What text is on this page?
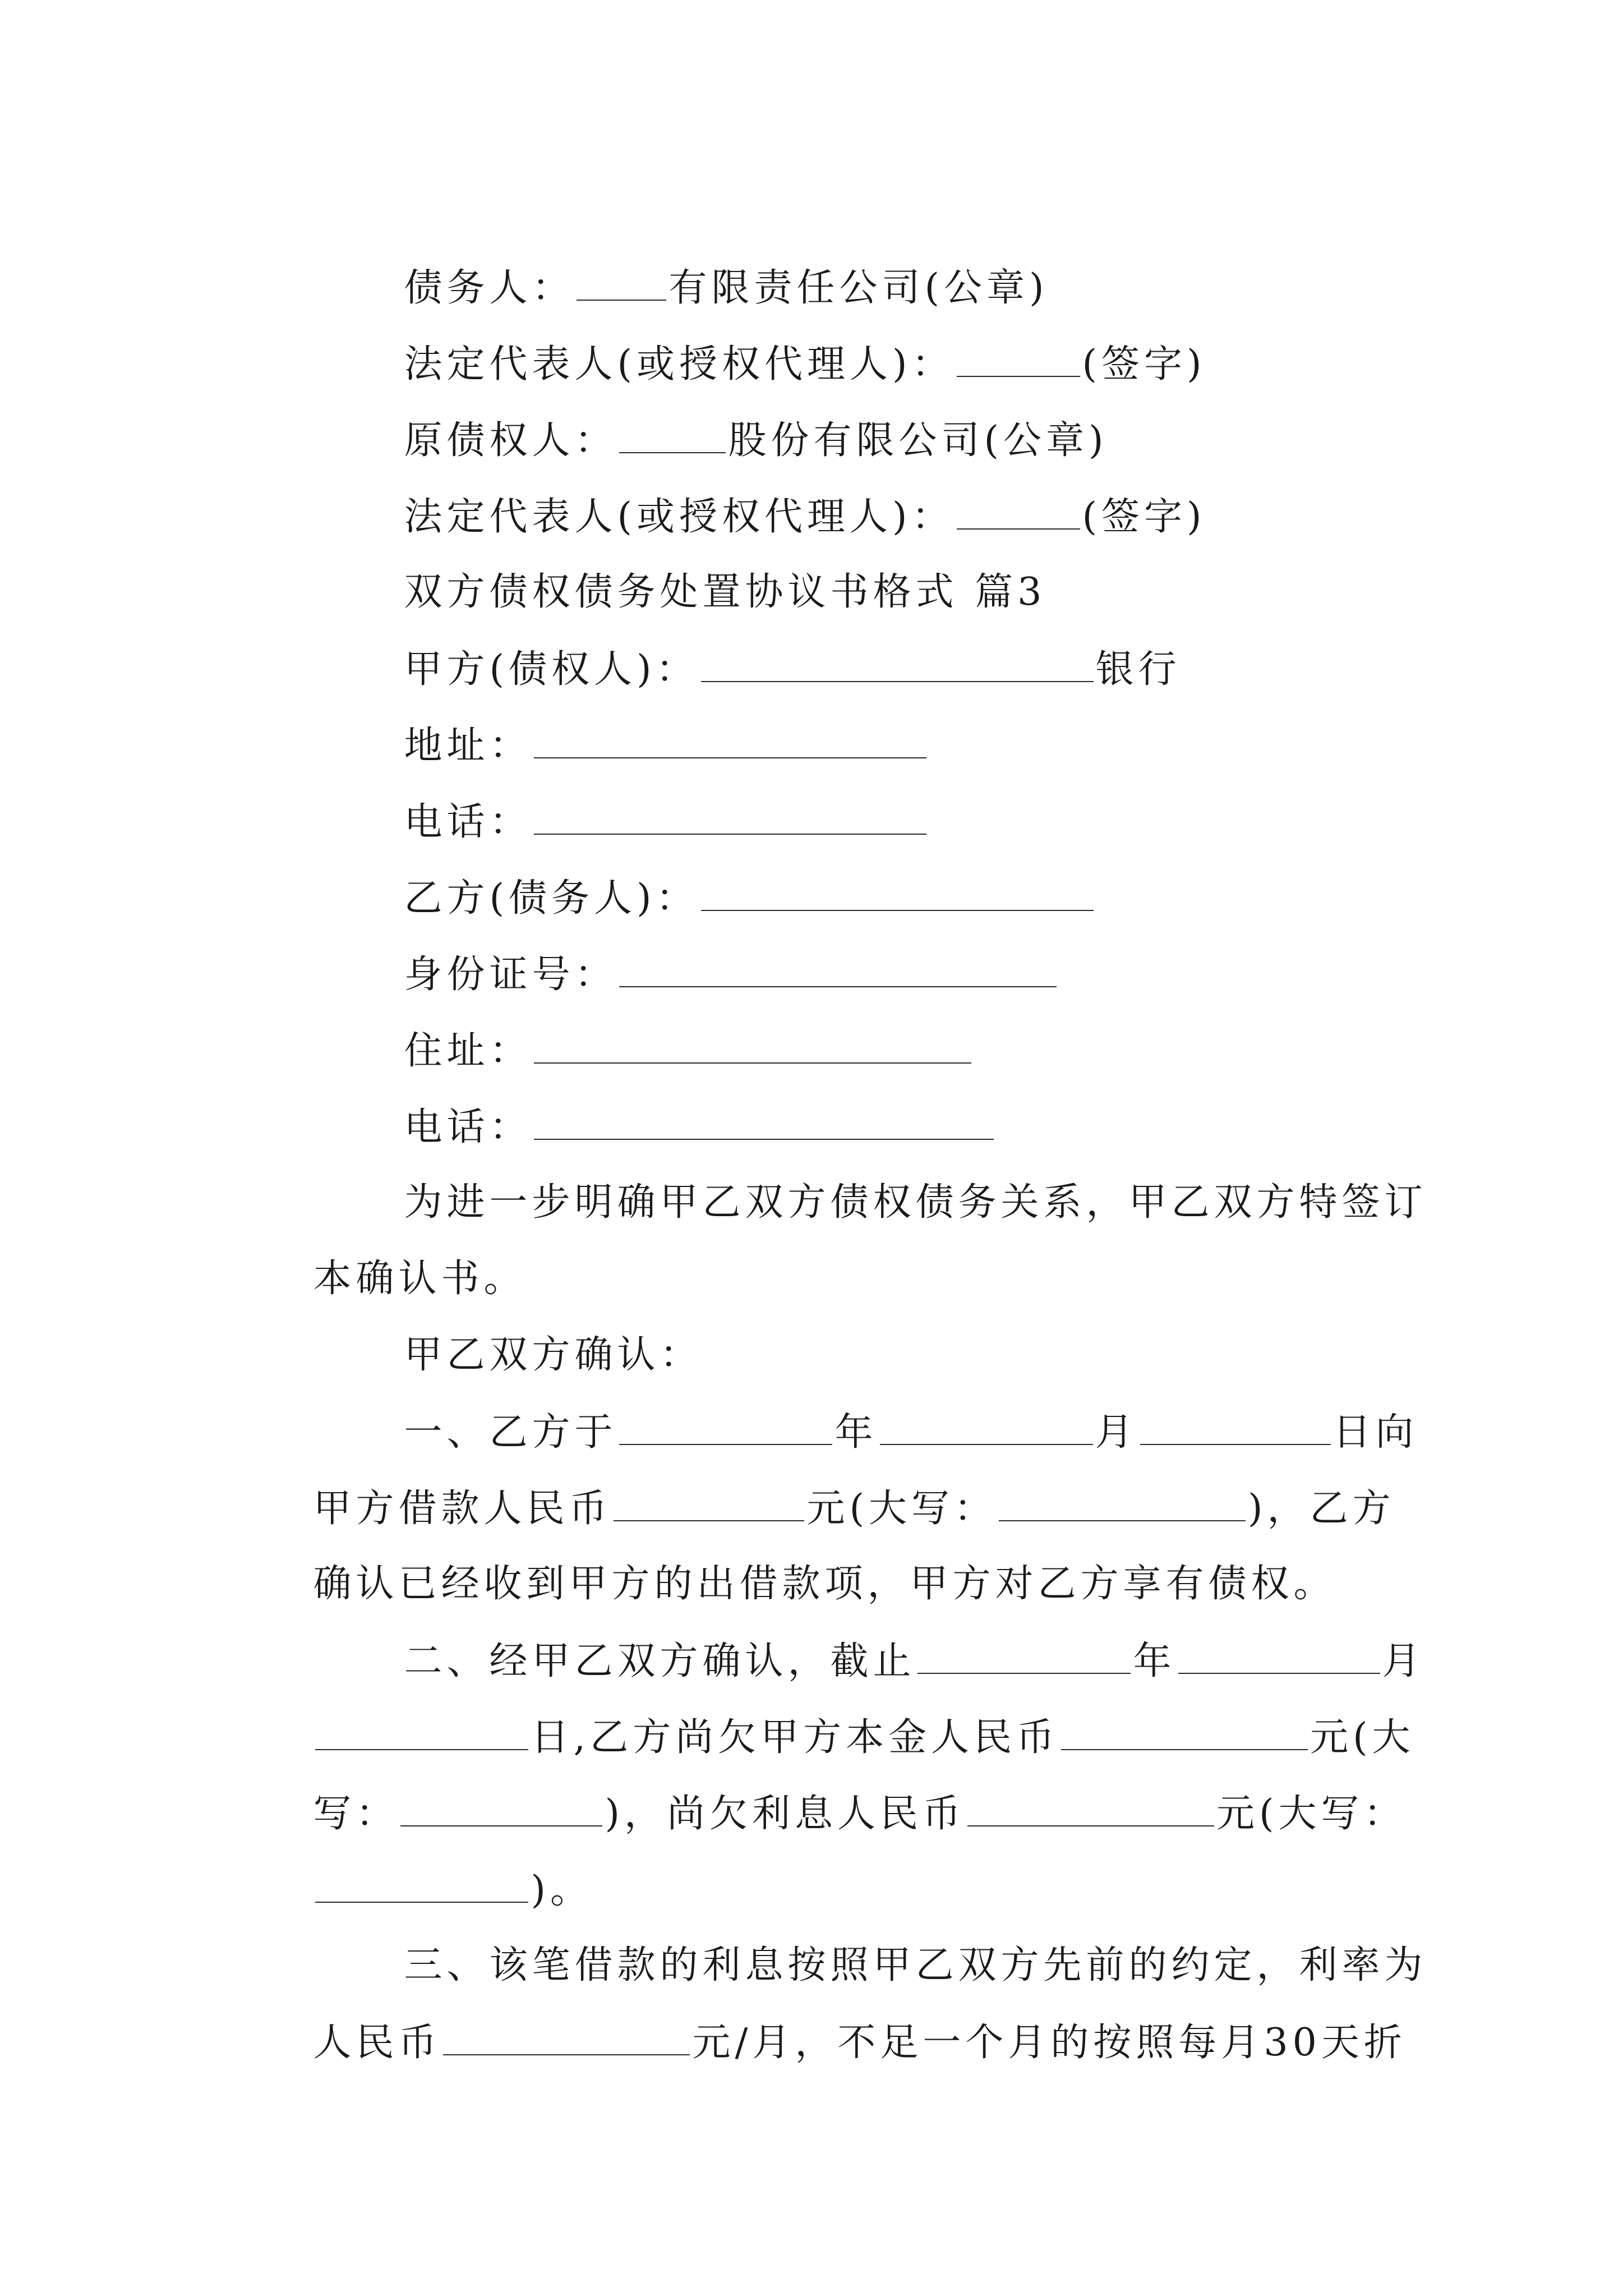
债务人： 有限责任公司(公章)

法定代表人(或授权代理人)：	(签字)

原债权人：	股份有限公司(公章)

法定代表人(或授权代理人)：	(签字)

双方债权债务处置协议书格式 篇3

甲方(债权人)：	银行

地址：

电话：

乙方(债务人)：

身份证号：

住址：

电话：

为进一步明确甲乙双方债权债务关系，甲乙双方特签订

本确认书。

甲乙双方确认：

一、乙方于	年	月	日向

甲方借款人民币	元(大写：	)，乙方

确认已经收到甲方的出借款项，甲方对乙方享有债权。

二、经甲乙双方确认，截止	年	月

日,乙方尚欠甲方本金人民币	元(大

写：	)，尚欠利息人民币	元(大写：

)。

三、该笔借款的利息按照甲乙双方先前的约定，利率为

人民币	元/月，不足一个月的按照每月30天折
